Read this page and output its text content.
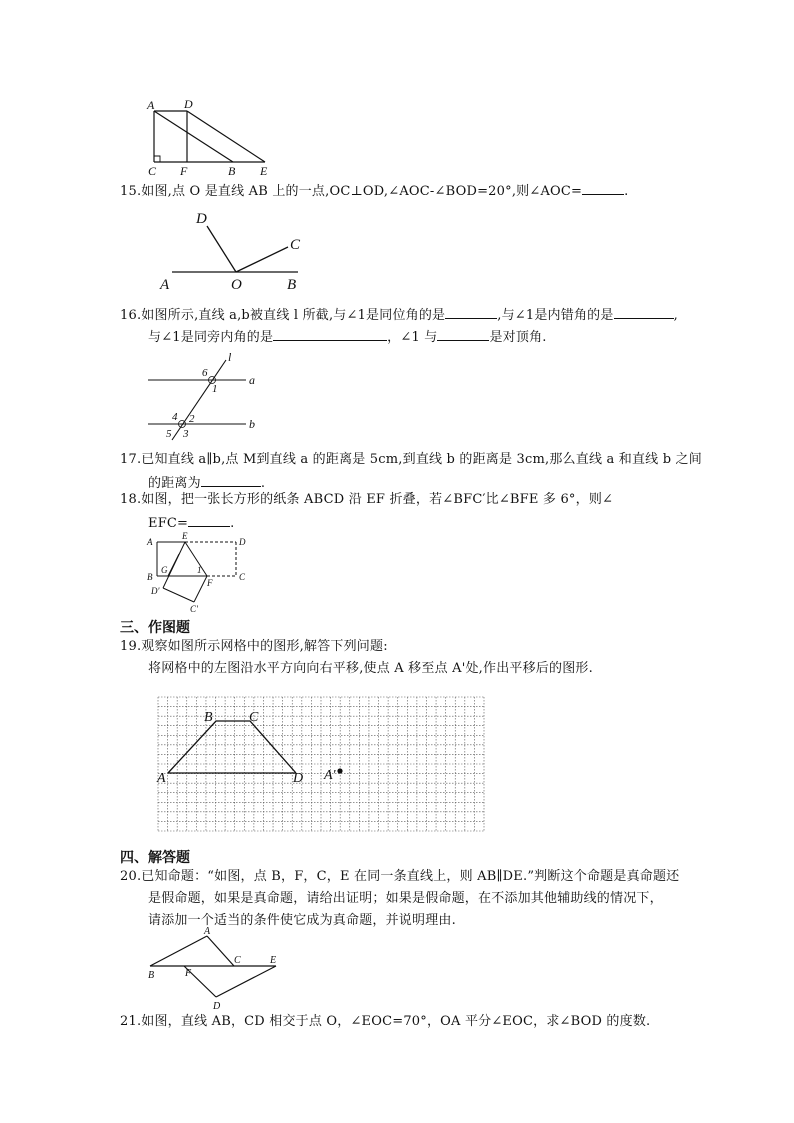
A D
C F	B E
15.如图,点 O 是直线 AB 上的一点,OC⊥OD,∠AOC-∠BOD=20°,则∠AOC=	.
D
C
A	O	B
16.如图所示,直线 a,b被直线 l 所截,与∠1是同位角的是	,与∠1是内错角的是	,
与∠1是同旁内角的是	，∠1 与	是对顶角.
l
a
b
6
1
4 2
5 3
17.已知直线 a∥b,点 M到直线 a 的距离是 5cm,到直线 b 的距离是 3cm,那么直线 a 和直线 b 之间
的距离为	.
18.如图，把一张长方形的纸条 ABCD 沿 EF 折叠，若∠BFC′比∠BFE 多 6°，则∠
EFC=	.
A
E
D
G	1
B
F
C
D'
C'
三、作图题
19.观察如图所示网格中的图形,解答下列问题:
将网格中的左图沿水平方向向右平移,使点 A 移至点 A'处,作出平移后的图形.
A
B	C
D A'
四、解答题
20.已知命题：“如图，点 B，F，C，E 在同一条直线上，则 AB∥DE.”判断这个命题是真命题还
是假命题，如果是真命题，请给出证明；如果是假命题，在不添加其他辅助线的情况下，
请添加一个适当的条件使它成为真命题，并说明理由.
A
B	F
C	E
D
21.如图，直线 AB，CD 相交于点 O，∠EOC=70°，OA 平分∠EOC，求∠BOD 的度数.
